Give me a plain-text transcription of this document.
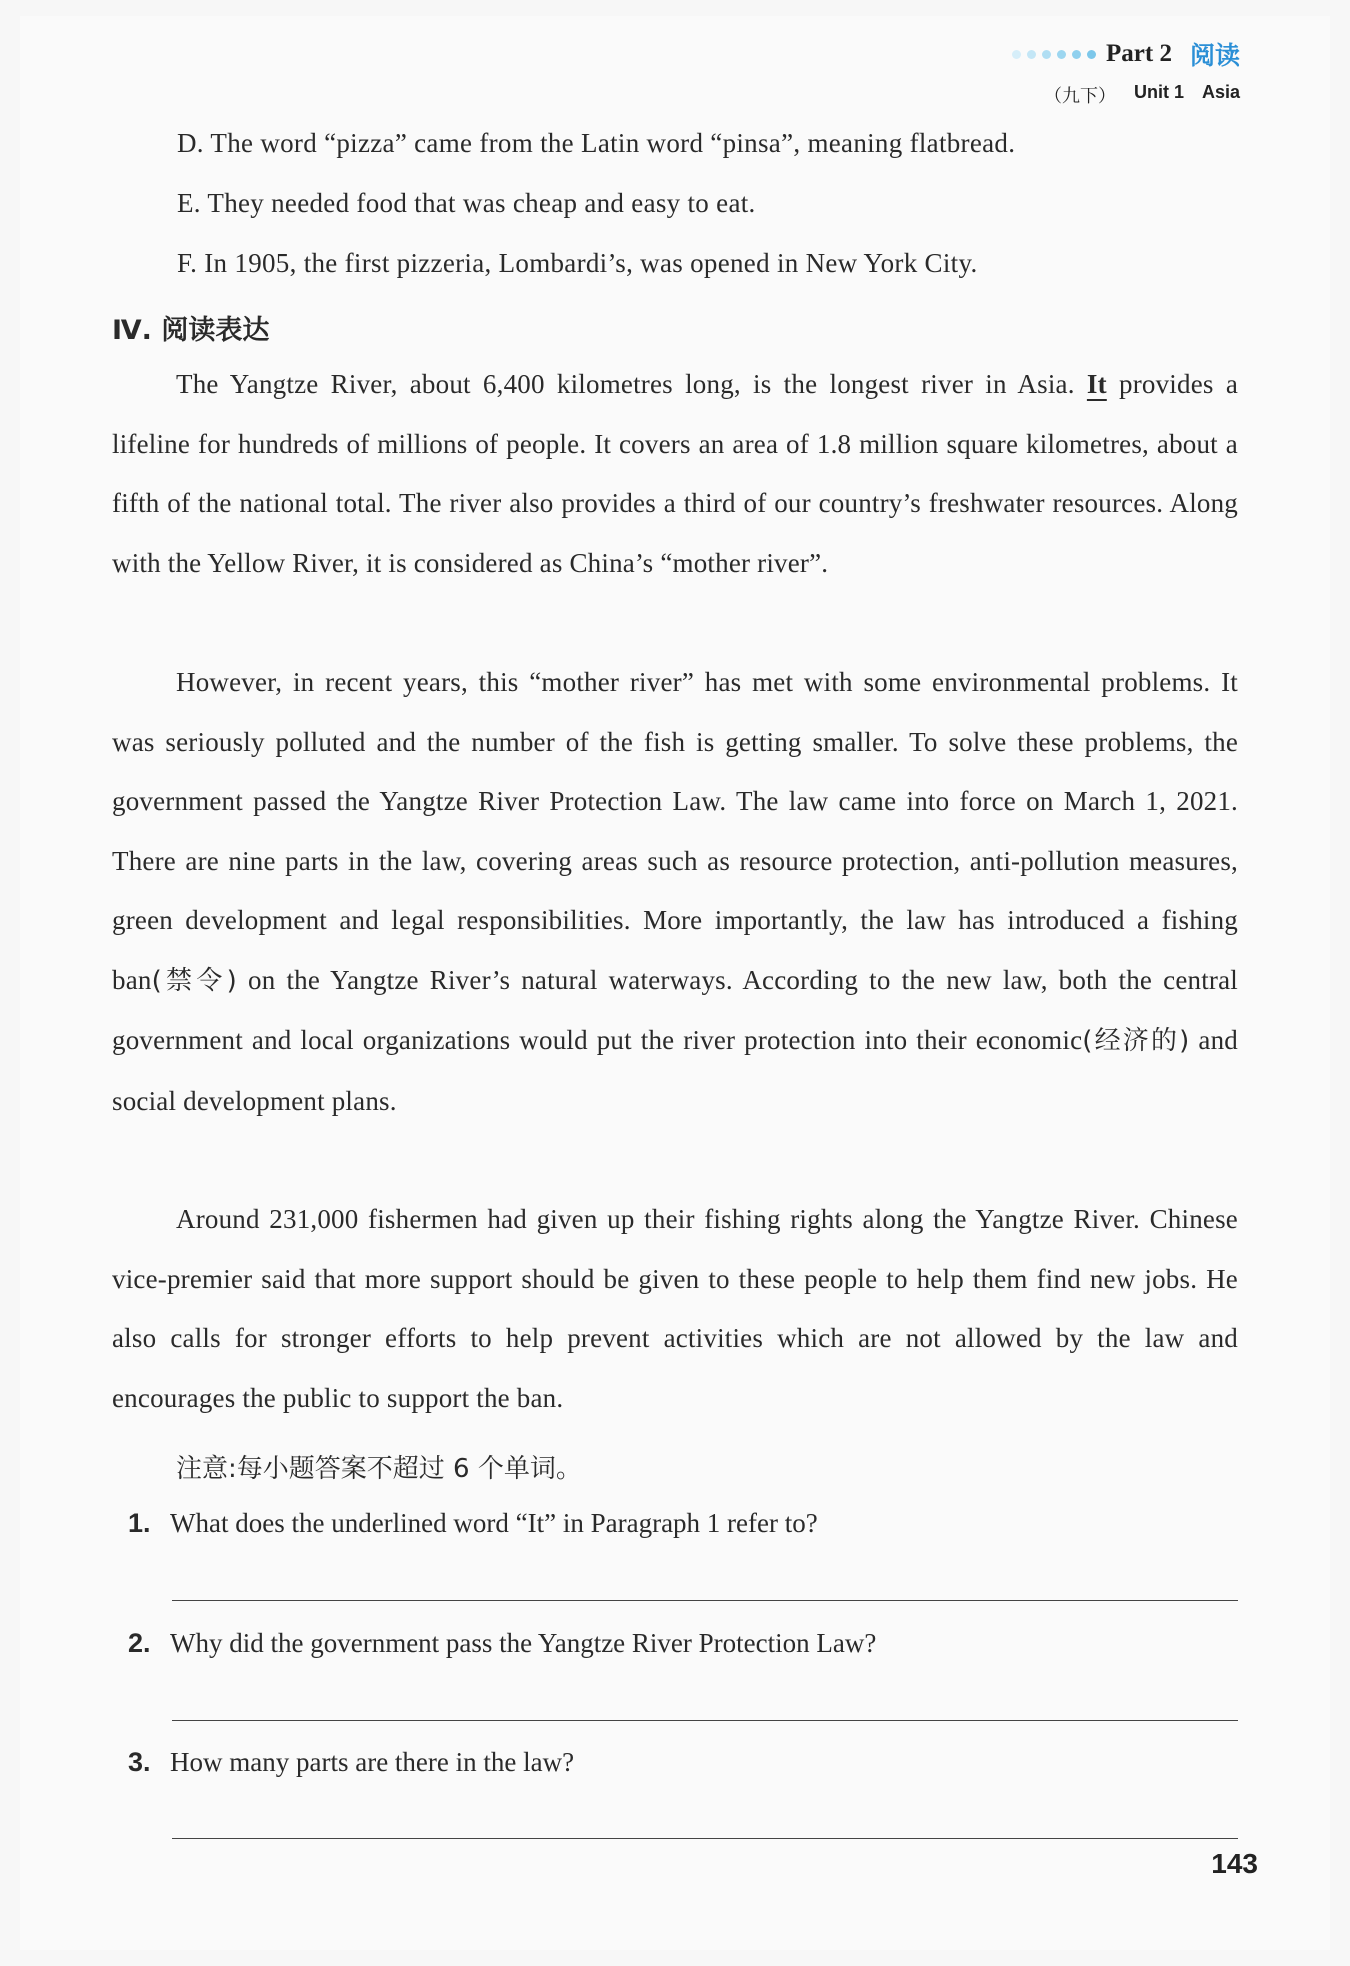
Part 2 阅读
（九下） Unit 1 Asia
D. The word “pizza” came from the Latin word “pinsa”, meaning flatbread.
E. They needed food that was cheap and easy to eat.
F. In 1905, the first pizzeria, Lombardi’s, was opened in New York City.
Ⅳ. 阅读表达
The Yangtze River, about 6,400 kilometres long, is the longest river in Asia. It provides a lifeline for hundreds of millions of people. It covers an area of 1.8 million square kilometres, about a fifth of the national total. The river also provides a third of our country’s freshwater resources. Along with the Yellow River, it is considered as China’s “mother river”.
However, in recent years, this “mother river” has met with some environmental problems. It was seriously polluted and the number of the fish is getting smaller. To solve these problems, the government passed the Yangtze River Protection Law. The law came into force on March 1, 2021. There are nine parts in the law, covering areas such as resource protection, anti-pollution measures, green development and legal responsibilities. More importantly, the law has introduced a fishing ban(禁令) on the Yangtze River’s natural waterways. According to the new law, both the central government and local organizations would put the river protection into their economic(经济的) and social development plans.
Around 231,000 fishermen had given up their fishing rights along the Yangtze River. Chinese vice-premier said that more support should be given to these people to help them find new jobs. He also calls for stronger efforts to help prevent activities which are not allowed by the law and encourages the public to support the ban.
注意:每小题答案不超过 6 个单词。
1. What does the underlined word “It” in Paragraph 1 refer to?
2. Why did the government pass the Yangtze River Protection Law?
3. How many parts are there in the law?
143
